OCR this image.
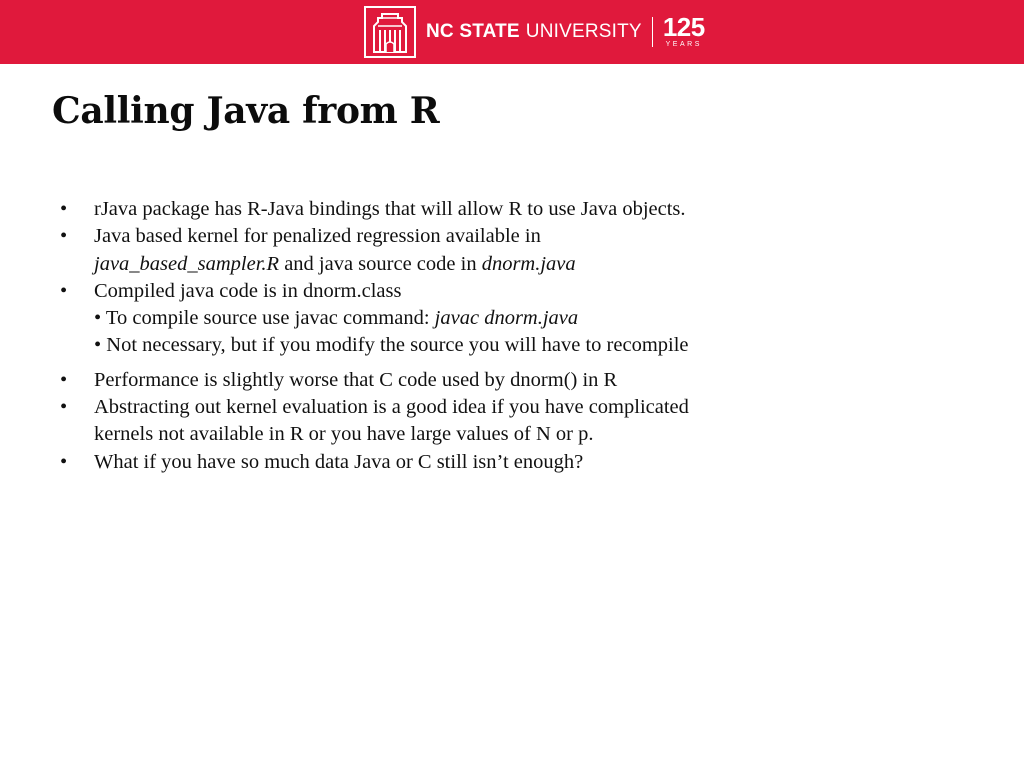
NC STATE UNIVERSITY 125
YEARS
Calling Java from R
•	rJava package has R-Java bindings that will allow R to use Java objects.
•	Java based kernel for penalized regression available in
java_based_sampler.R and java source code in dnorm.java
•	Compiled java code is in dnorm.class
• To compile source use javac command: javac dnorm.java
• Not necessary, but if you modify the source you will have to recompile
•	Performance is slightly worse that C code used by dnorm() in R
•	Abstracting out kernel evaluation is a good idea if you have complicated
kernels not available in R or you have large values of N or p.
•	What if you have so much data Java or C still isn’t enough?
